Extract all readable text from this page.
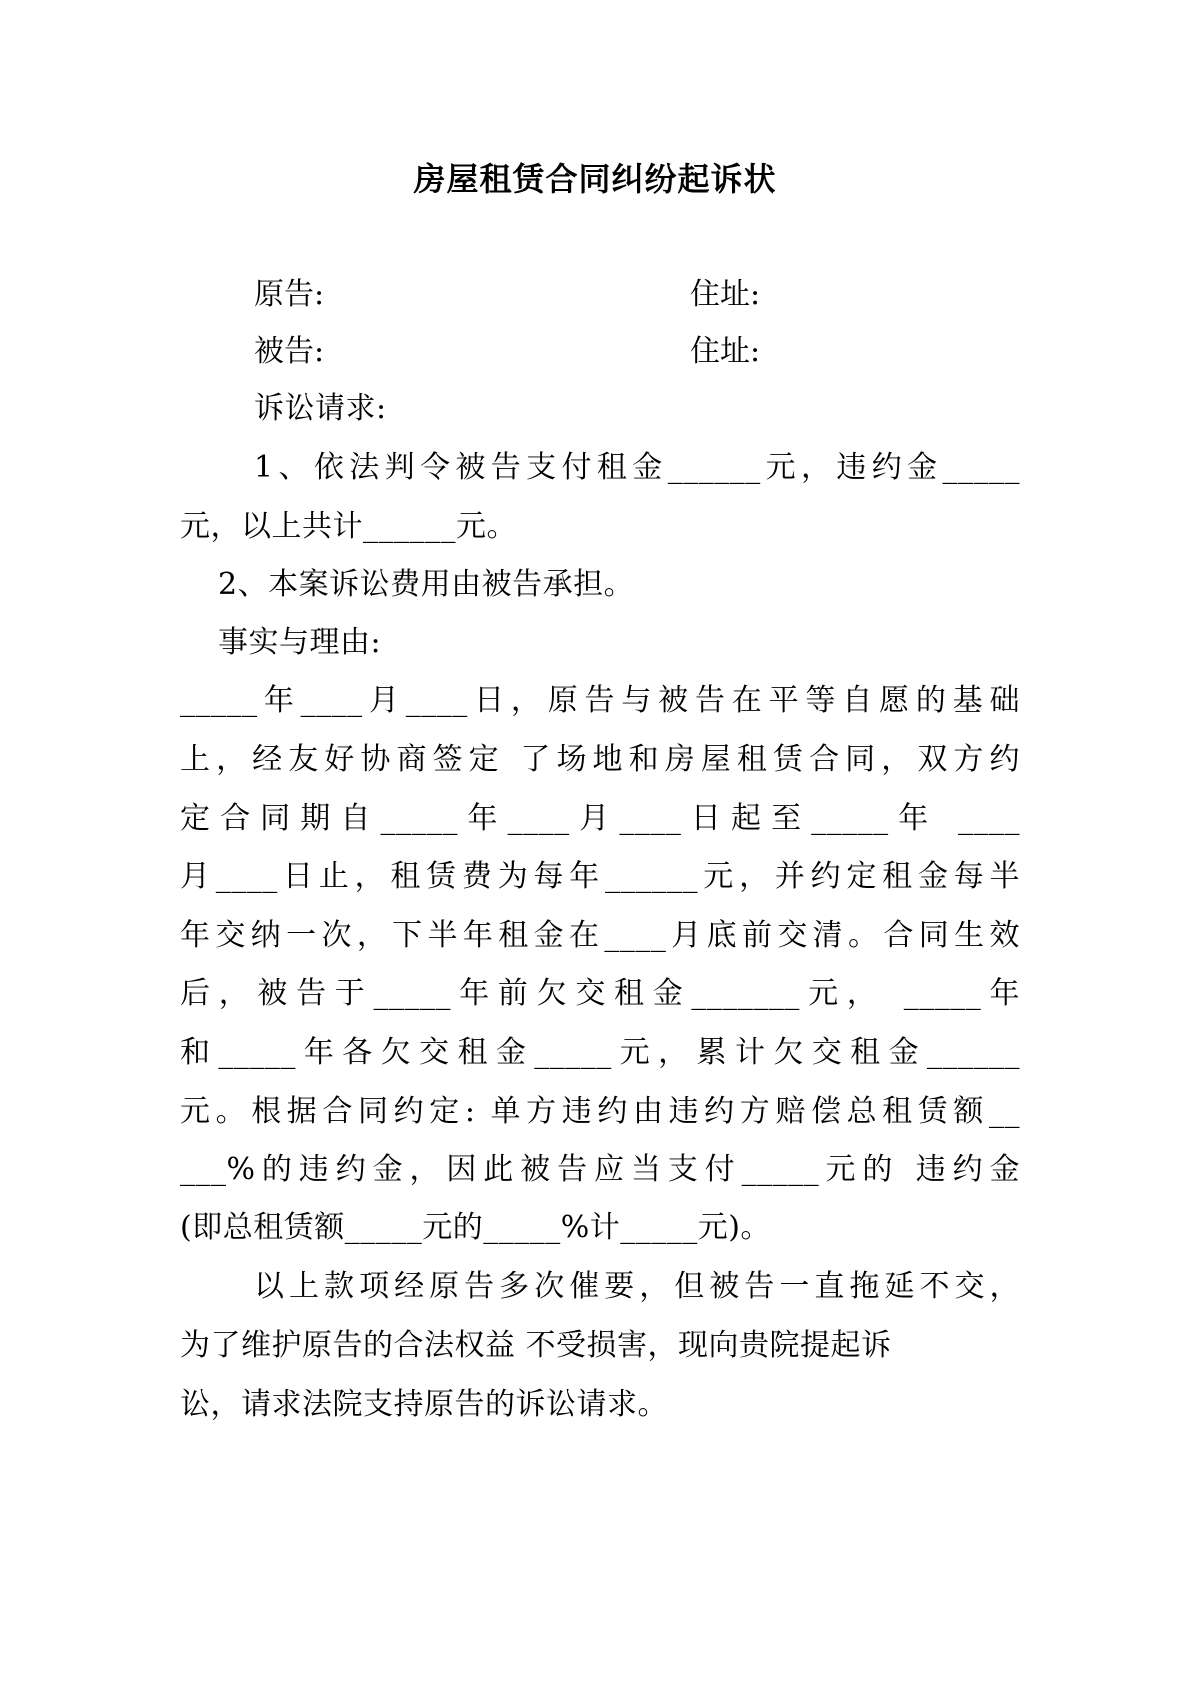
房屋租赁合同纠纷起诉状
原告:	住址:
被告:	住址:
诉讼请求:
1、依法判令被告支付租金______元，违约金_____
元，以上共计______元。
2、本案诉讼费用由被告承担。
事实与理由:
_____年____月____日，原告与被告在平等自愿的基础
上，经友好协商签定 了场地和房屋租赁合同，双方约
定合同期自_____年____月____日起至_____年 ____
月____日止，租赁费为每年______元，并约定租金每半
年交纳一次，下半年租金在____月底前交清。合同生效
后，被告于_____年前欠交租金_______元， _____年
和_____年各欠交租金_____元，累计欠交租金______
元。根据合同约定: 单方违约由违约方赔偿总租赁额__
___%的违约金，因此被告应当支付_____元的 违约金
(即总租赁额_____元的_____%计_____元)。
以上款项经原告多次催要，但被告一直拖延不交，
为了维护原告的合法权益 不受损害，现向贵院提起诉
讼，请求法院支持原告的诉讼请求。
